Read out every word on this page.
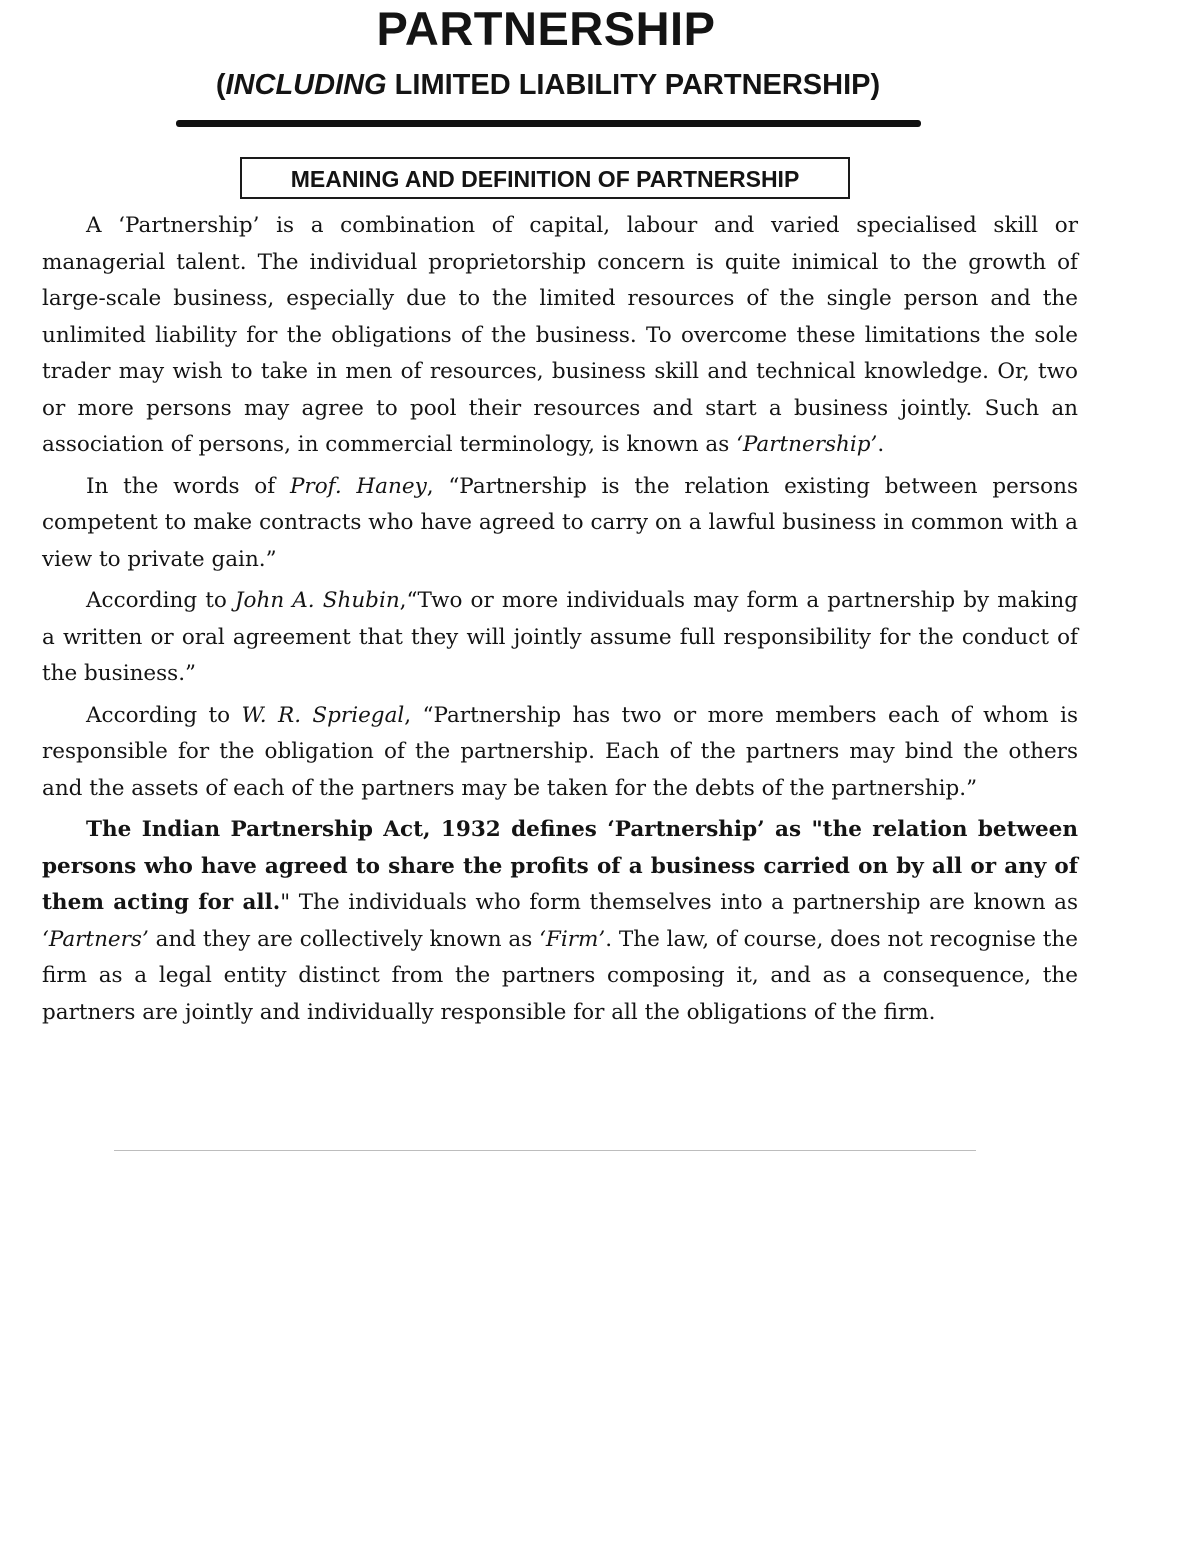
PARTNERSHIP
(INCLUDING LIMITED LIABILITY PARTNERSHIP)
MEANING AND DEFINITION OF PARTNERSHIP

A ‘Partnership’ is a combination of capital, labour and varied specialised skill or managerial talent. The individual proprietorship concern is quite inimical to the growth of large-scale business, especially due to the limited resources of the single person and the unlimited liability for the obligations of the business. To overcome these limitations the sole trader may wish to take in men of resources, business skill and technical knowledge. Or, two or more persons may agree to pool their resources and start a business jointly. Such an association of persons, in commercial terminology, is known as ‘Partnership’.

In the words of Prof. Haney, “Partnership is the relation existing between persons competent to make contracts who have agreed to carry on a lawful business in common with a view to private gain.”

According to John A. Shubin,“Two or more individuals may form a partnership by making a written or oral agreement that they will jointly assume full responsibility for the conduct of the business.”

According to W. R. Spriegal, “Partnership has two or more members each of whom is responsible for the obligation of the partnership. Each of the partners may bind the others and the assets of each of the partners may be taken for the debts of the partnership.”

The Indian Partnership Act, 1932 defines ‘Partnership’ as "the relation between persons who have agreed to share the profits of a business carried on by all or any of them acting for all." The individuals who form themselves into a partnership are known as ‘Partners’ and they are collectively known as ‘Firm’. The law, of course, does not recognise the firm as a legal entity distinct from the partners composing it, and as a consequence, the partners are jointly and individually responsible for all the obligations of the firm.
